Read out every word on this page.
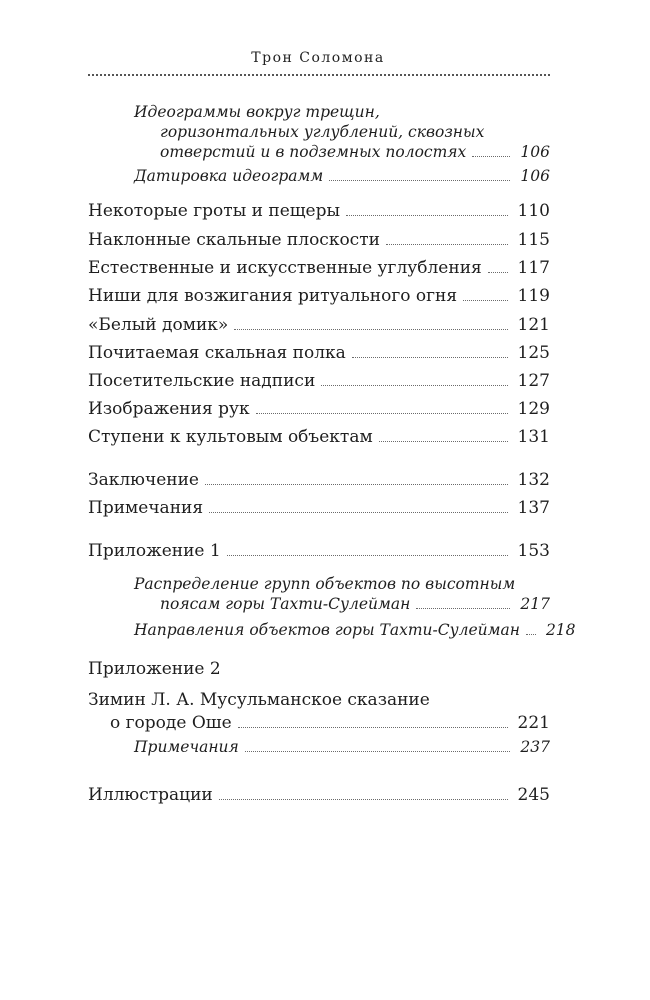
Трон Соломона
Идеограммы вокруг трещин,
горизонтальных углублений, сквозных
отверстий и в подземных полостях	106
Датировка идеограмм	106
Некоторые гроты и пещеры	110
Наклонные скальные плоскости	115
Естественные и искусственные углубления	117
Ниши для возжигания ритуального огня	119
«Белый домик»	121
Почитаемая скальная полка	125
Посетительские надписи	127
Изображения рук	129
Ступени к культовым объектам	131
Заключение	132
Примечания	137
Приложение 1	153
Распределение групп объектов по высотным
поясам горы Тахти-Сулейман	217
Направления объектов горы Тахти-Сулейман	218
Приложение 2
Зимин Л. А. Мусульманское сказание
о городе Оше	221
Примечания	237
Иллюстрации	245
